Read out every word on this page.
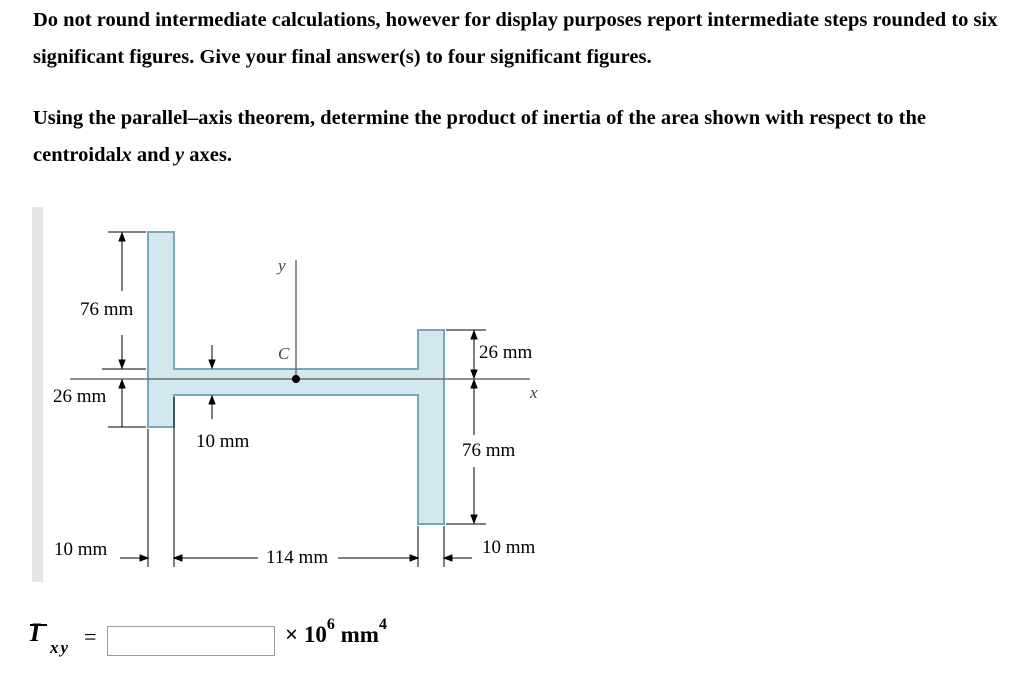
Do not round intermediate calculations, however for display purposes report intermediate steps rounded to six significant figures. Give your final answer(s) to four significant figures.

Using the parallel–axis theorem, determine the product of inertia of the area shown with respect to the centroidalx and y axes.

y
x
C
76 mm
26 mm
10 mm
10 mm	114 mm	10 mm
26 mm
76 mm
I
xy =	× $10^6$ $mm^4$
